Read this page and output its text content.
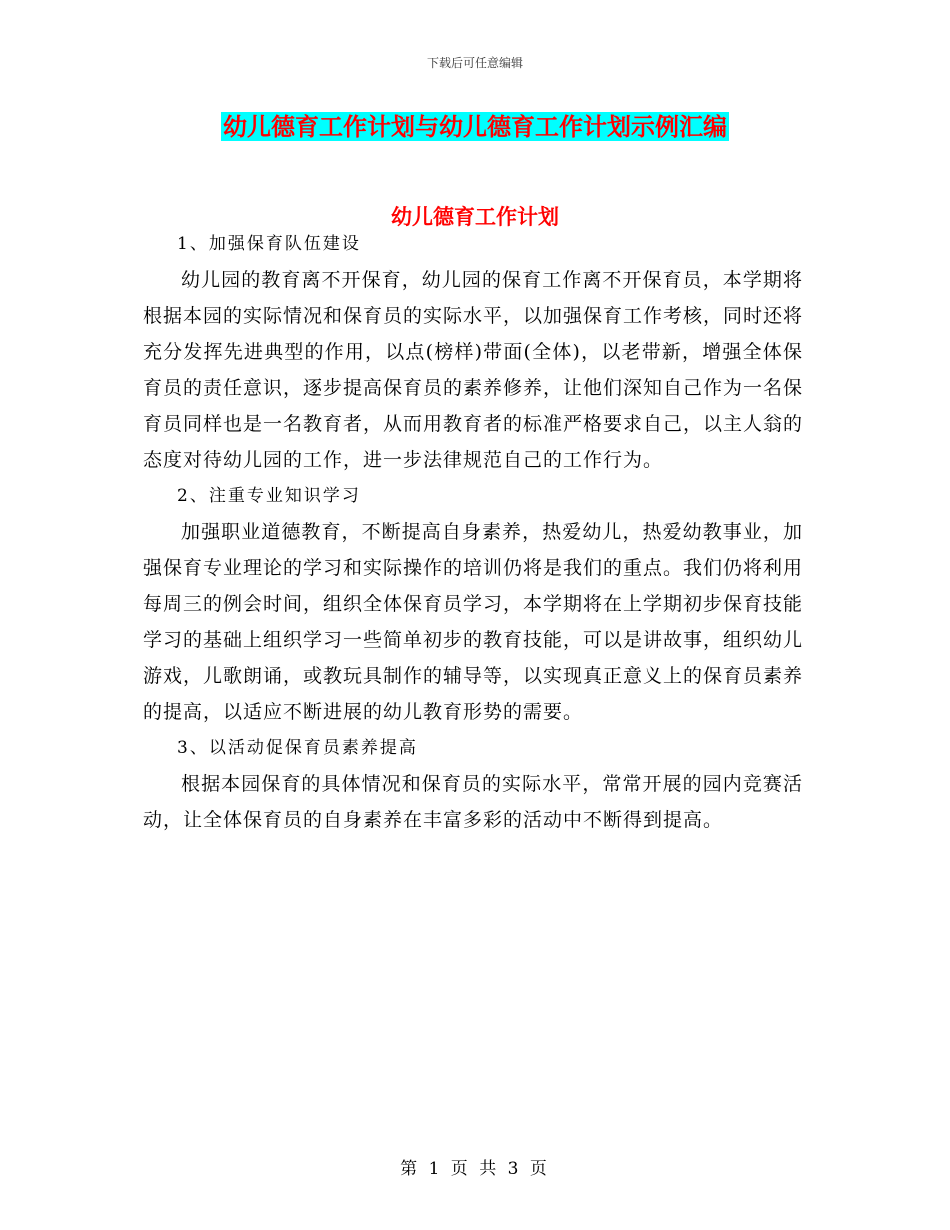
下载后可任意编辑
幼儿德育工作计划与幼儿德育工作计划示例汇编
幼儿德育工作计划

1、加强保育队伍建设

幼儿园的教育离不开保育，幼儿园的保育工作离不开保育员，本学期将根据本园的实际情况和保育员的实际水平，以加强保育工作考核，同时还将充分发挥先进典型的作用，以点(榜样)带面(全体)，以老带新，增强全体保育员的责任意识，逐步提高保育员的素养修养，让他们深知自己作为一名保育员同样也是一名教育者，从而用教育者的标准严格要求自己，以主人翁的态度对待幼儿园的工作，进一步法律规范自己的工作行为。

2、注重专业知识学习

加强职业道德教育，不断提高自身素养，热爱幼儿，热爱幼教事业，加强保育专业理论的学习和实际操作的培训仍将是我们的重点。我们仍将利用每周三的例会时间，组织全体保育员学习，本学期将在上学期初步保育技能学习的基础上组织学习一些简单初步的教育技能，可以是讲故事，组织幼儿游戏，儿歌朗诵，或教玩具制作的辅导等，以实现真正意义上的保育员素养的提高，以适应不断进展的幼儿教育形势的需要。

3、以活动促保育员素养提高

根据本园保育的具体情况和保育员的实际水平，常常开展的园内竞赛活动，让全体保育员的自身素养在丰富多彩的活动中不断得到提高。

第 1 页 共 3 页
